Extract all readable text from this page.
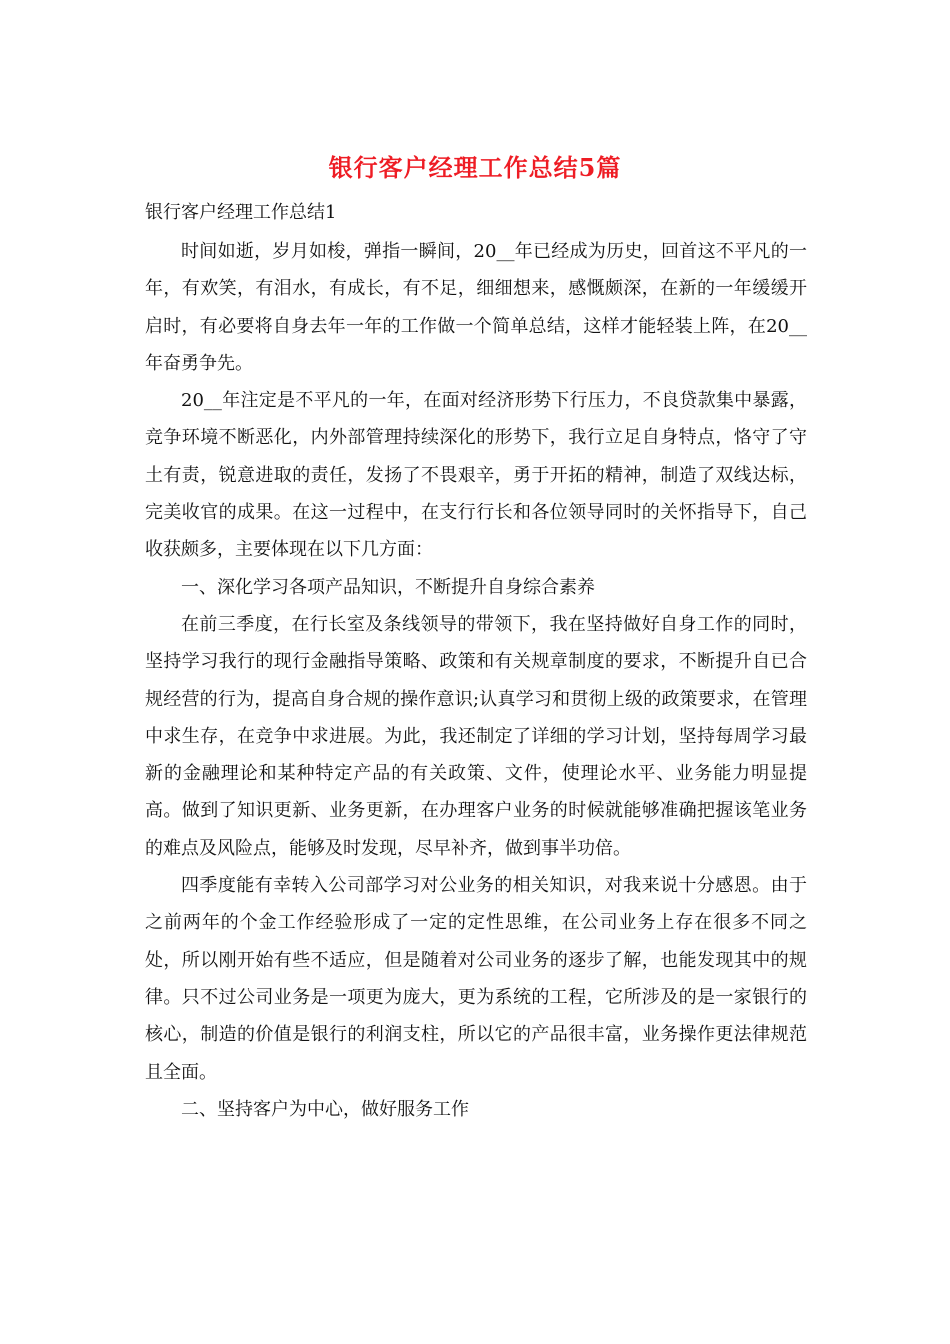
银行客户经理工作总结5篇
银行客户经理工作总结1

时间如逝，岁月如梭，弹指一瞬间，20__年已经成为历史，回首这不平凡的一年，有欢笑，有泪水，有成长，有不足，细细想来，感慨颇深，在新的一年缓缓开启时，有必要将自身去年一年的工作做一个简单总结，这样才能轻装上阵，在20__年奋勇争先。

20__年注定是不平凡的一年，在面对经济形势下行压力，不良贷款集中暴露，竞争环境不断恶化，内外部管理持续深化的形势下，我行立足自身特点，恪守了守土有责，锐意进取的责任，发扬了不畏艰辛，勇于开拓的精神，制造了双线达标，完美收官的成果。在这一过程中，在支行行长和各位领导同时的关怀指导下，自己收获颇多，主要体现在以下几方面：

一、深化学习各项产品知识，不断提升自身综合素养

在前三季度，在行长室及条线领导的带领下，我在坚持做好自身工作的同时，坚持学习我行的现行金融指导策略、政策和有关规章制度的要求，不断提升自已合规经营的行为，提高自身合规的操作意识;认真学习和贯彻上级的政策要求，在管理中求生存，在竞争中求进展。为此，我还制定了详细的学习计划，坚持每周学习最新的金融理论和某种特定产品的有关政策、文件，使理论水平、业务能力明显提高。做到了知识更新、业务更新，在办理客户业务的时候就能够准确把握该笔业务的难点及风险点，能够及时发现，尽早补齐，做到事半功倍。

四季度能有幸转入公司部学习对公业务的相关知识，对我来说十分感恩。由于之前两年的个金工作经验形成了一定的定性思维，在公司业务上存在很多不同之处，所以刚开始有些不适应，但是随着对公司业务的逐步了解，也能发现其中的规律。只不过公司业务是一项更为庞大，更为系统的工程，它所涉及的是一家银行的核心，制造的价值是银行的利润支柱，所以它的产品很丰富，业务操作更法律规范且全面。

二、坚持客户为中心，做好服务工作
